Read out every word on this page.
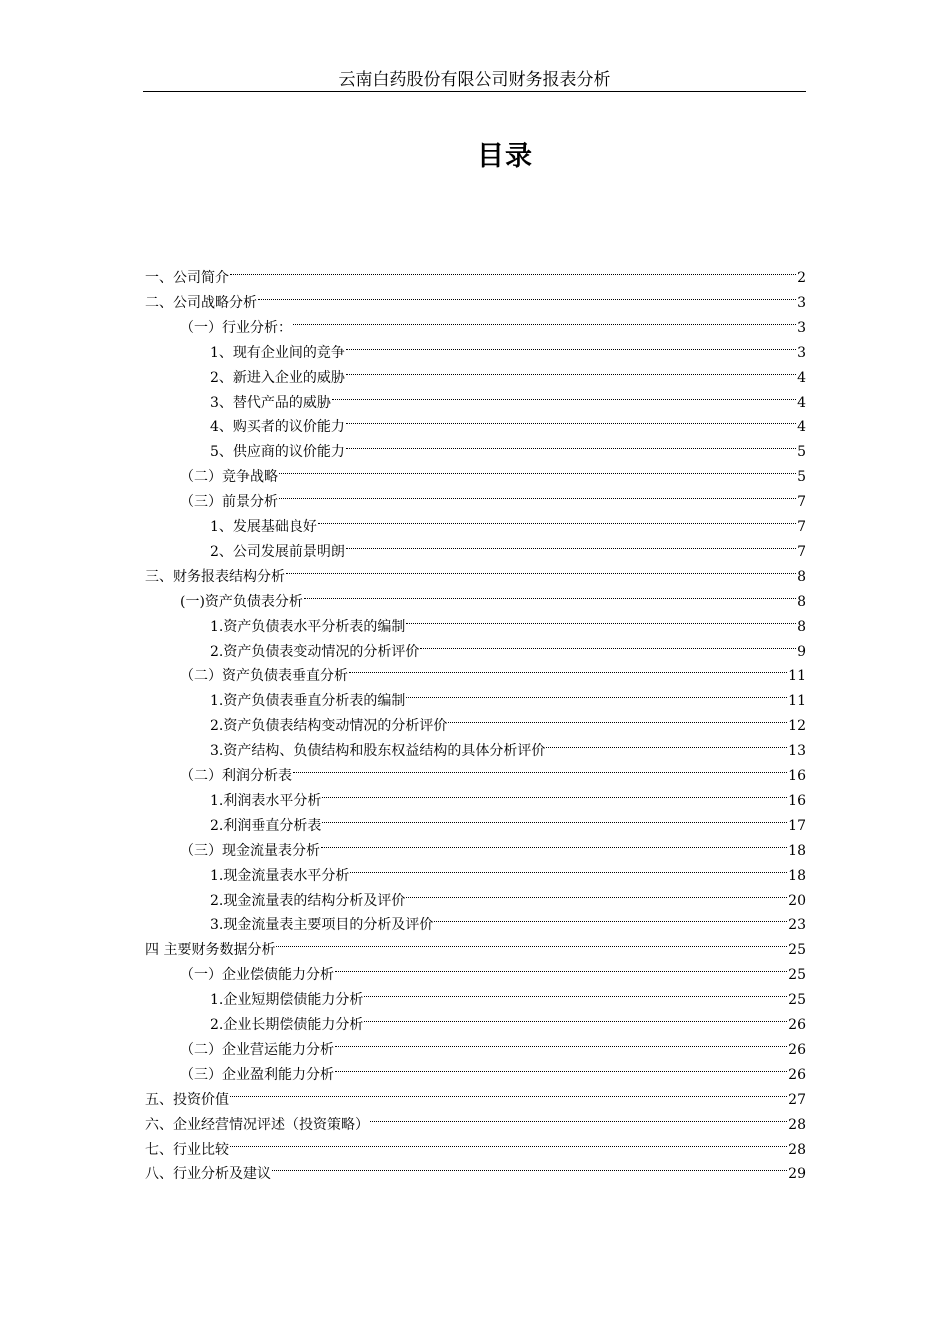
云南白药股份有限公司财务报表分析
目录
一、公司简介	2
二、公司战略分析	3
（一）行业分析：	3
1、现有企业间的竞争	3
2、新进入企业的威胁	4
3、替代产品的威胁	4
4、购买者的议价能力	4
5、供应商的议价能力	5
（二）竞争战略	5
（三）前景分析	7
1、发展基础良好	7
2、公司发展前景明朗	7
三、财务报表结构分析	8
(一)资产负债表分析	8
1.资产负债表水平分析表的编制	8
2.资产负债表变动情况的分析评价	9
（二）资产负债表垂直分析	11
1.资产负债表垂直分析表的编制	11
2.资产负债表结构变动情况的分析评价	12
3.资产结构、负债结构和股东权益结构的具体分析评价	13
（二）利润分析表	16
1.利润表水平分析	16
2.利润垂直分析表	17
（三）现金流量表分析	18
1.现金流量表水平分析	18
2.现金流量表的结构分析及评价	20
3.现金流量表主要项目的分析及评价	23
四 主要财务数据分析	25
（一）企业偿债能力分析	25
1.企业短期偿债能力分析	25
2.企业长期偿债能力分析	26
（二）企业营运能力分析	26
（三）企业盈利能力分析	26
五、投资价值	27
六、企业经营情况评述（投资策略）	28
七、行业比较	28
八、行业分析及建议	29
